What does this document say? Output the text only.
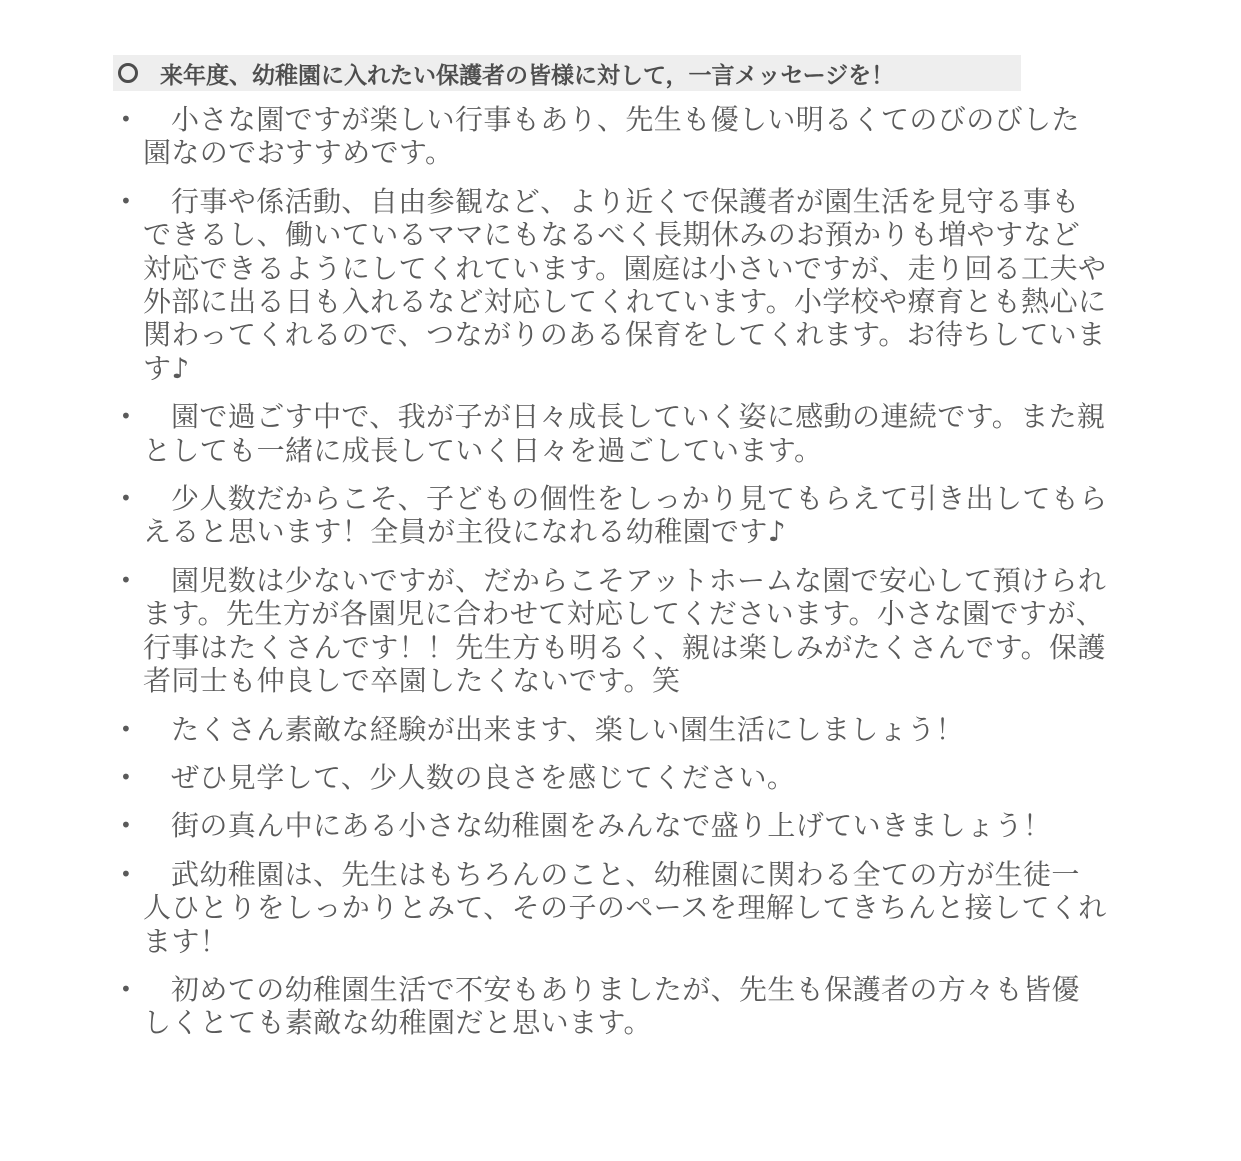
来年度、幼稚園に入れたい保護者の皆様に対して，一言メッセージを！
•	小さな園ですが楽しい行事もあり、先生も優しい明るくてのびのびした園なのでおすすめです。
•	行事や係活動、自由参観など、より近くで保護者が園生活を見守る事もできるし、働いているママにもなるべく長期休みのお預かりも増やすなど対応できるようにしてくれています。園庭は小さいですが、走り回る工夫や外部に出る日も入れるなど対応してくれています。小学校や療育とも熱心に関わってくれるので、つながりのある保育をしてくれます。お待ちしています♪
•	園で過ごす中で、我が子が日々成長していく姿に感動の連続です。また親としても一緒に成長していく日々を過ごしています。
•	少人数だからこそ、子どもの個性をしっかり見てもらえて引き出してもらえると思います！全員が主役になれる幼稚園です♪
•	園児数は少ないですが、だからこそアットホームな園で安心して預けられます。先生方が各園児に合わせて対応してくださいます。小さな園ですが、行事はたくさんです！！先生方も明るく、親は楽しみがたくさんです。保護者同士も仲良しで卒園したくないです。笑
•	たくさん素敵な経験が出来ます、楽しい園生活にしましょう！
•	ぜひ見学して、少人数の良さを感じてください。
•	街の真ん中にある小さな幼稚園をみんなで盛り上げていきましょう！
•	武幼稚園は、先生はもちろんのこと、幼稚園に関わる全ての方が生徒一人ひとりをしっかりとみて、その子のペースを理解してきちんと接してくれます！
•	初めての幼稚園生活で不安もありましたが、先生も保護者の方々も皆優しくとても素敵な幼稚園だと思います。
